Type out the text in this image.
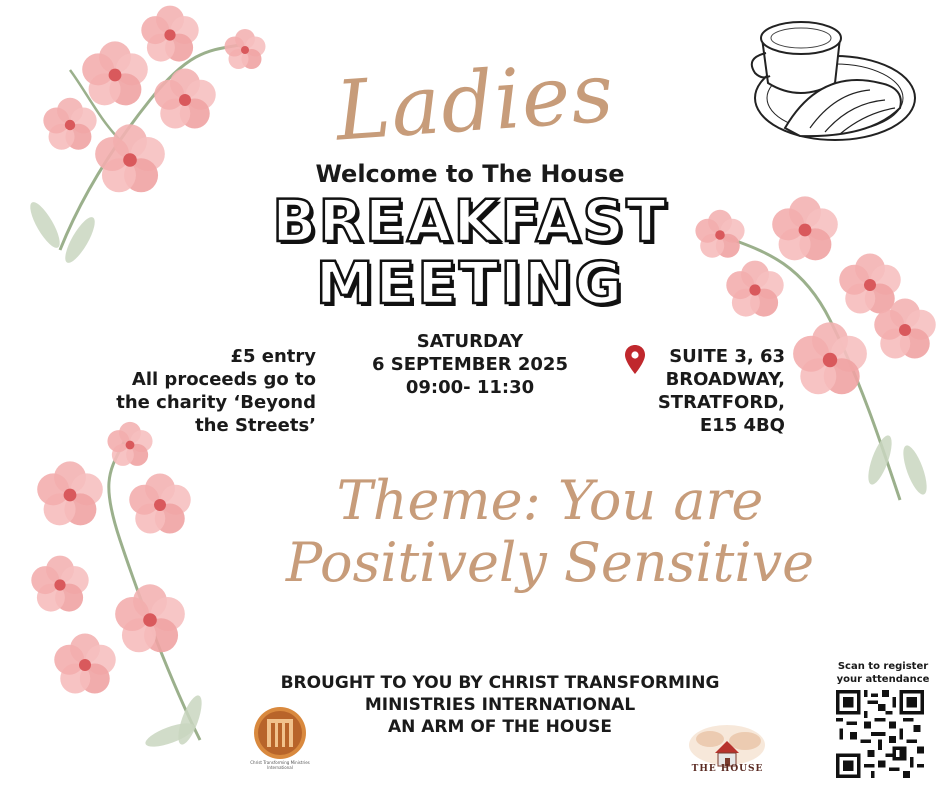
Ladies
Welcome to The House
BREAKFAST
MEETING
£5 entry
All proceeds go to
the charity ‘Beyond
the Streets’
SATURDAY
6 SEPTEMBER 2025
09:00- 11:30
SUITE 3, 63
BROADWAY,
STRATFORD,
E15 4BQ
Theme: You are
Positively Sensitive
BROUGHT TO YOU BY CHRIST TRANSFORMING
MINISTRIES INTERNATIONAL
AN ARM OF THE HOUSE
Christ Transforming Ministries
International	THE HOUSE
Scan to register
your attendance
